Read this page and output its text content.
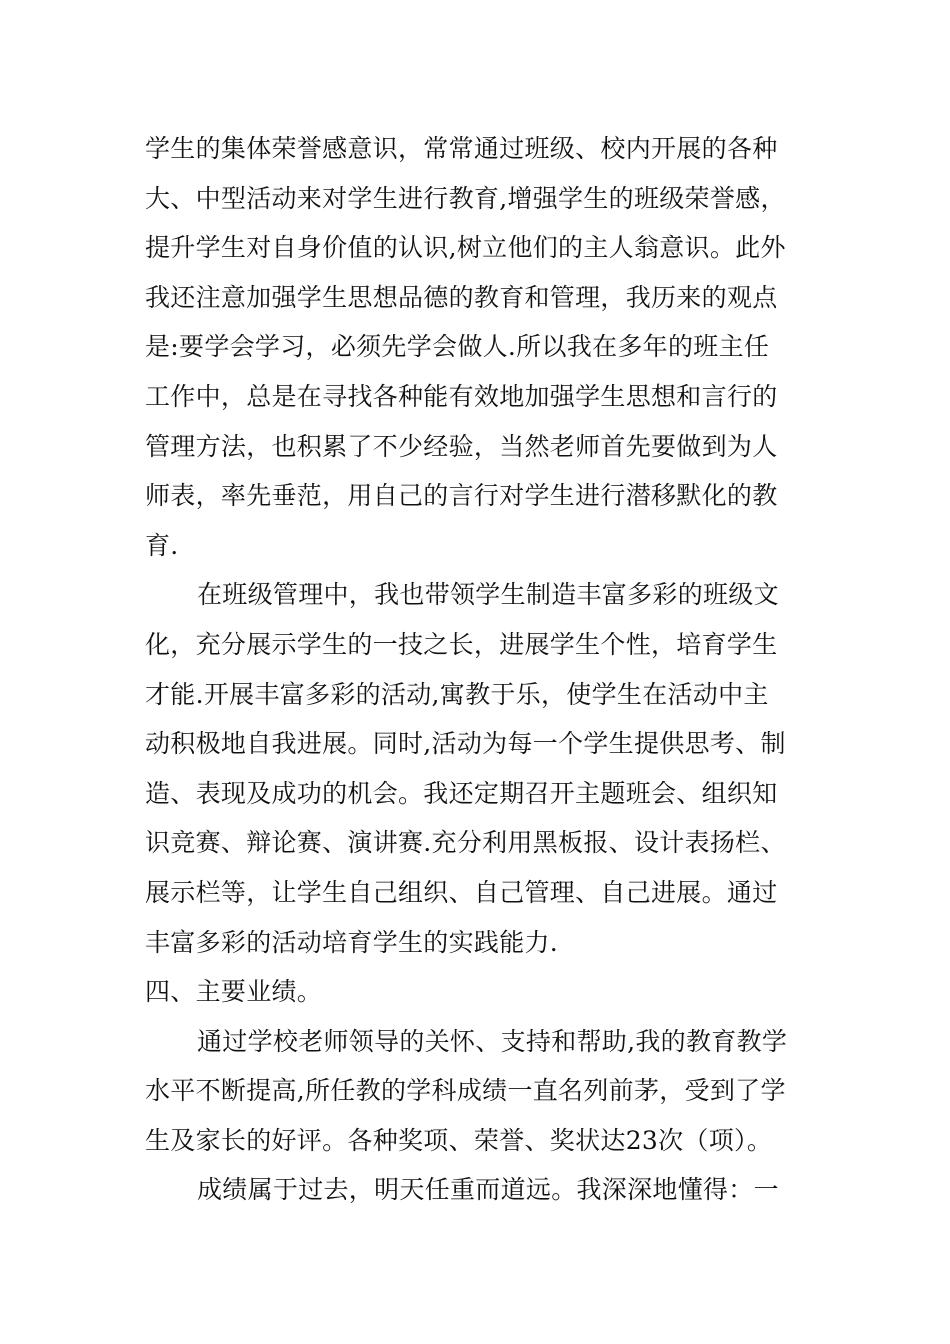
学生的集体荣誉感意识，常常通过班级、校内开展的各种
大、中型活动来对学生进行教育,增强学生的班级荣誉感，
提升学生对自身价值的认识,树立他们的主人翁意识。此外
我还注意加强学生思想品德的教育和管理，我历来的观点
是:要学会学习，必须先学会做人.所以我在多年的班主任
工作中，总是在寻找各种能有效地加强学生思想和言行的
管理方法，也积累了不少经验，当然老师首先要做到为人
师表，率先垂范，用自己的言行对学生进行潜移默化的教
育.
在班级管理中，我也带领学生制造丰富多彩的班级文
化，充分展示学生的一技之长，进展学生个性，培育学生
才能.开展丰富多彩的活动,寓教于乐，使学生在活动中主
动积极地自我进展。同时,活动为每一个学生提供思考、制
造、表现及成功的机会。我还定期召开主题班会、组织知
识竞赛、辩论赛、演讲赛.充分利用黑板报、设计表扬栏、
展示栏等，让学生自己组织、自己管理、自己进展。通过
丰富多彩的活动培育学生的实践能力.
四、主要业绩。
通过学校老师领导的关怀、支持和帮助,我的教育教学
水平不断提高,所任教的学科成绩一直名列前茅，受到了学
生及家长的好评。各种奖项、荣誉、奖状达23次（项）。
成绩属于过去，明天任重而道远。我深深地懂得：一
